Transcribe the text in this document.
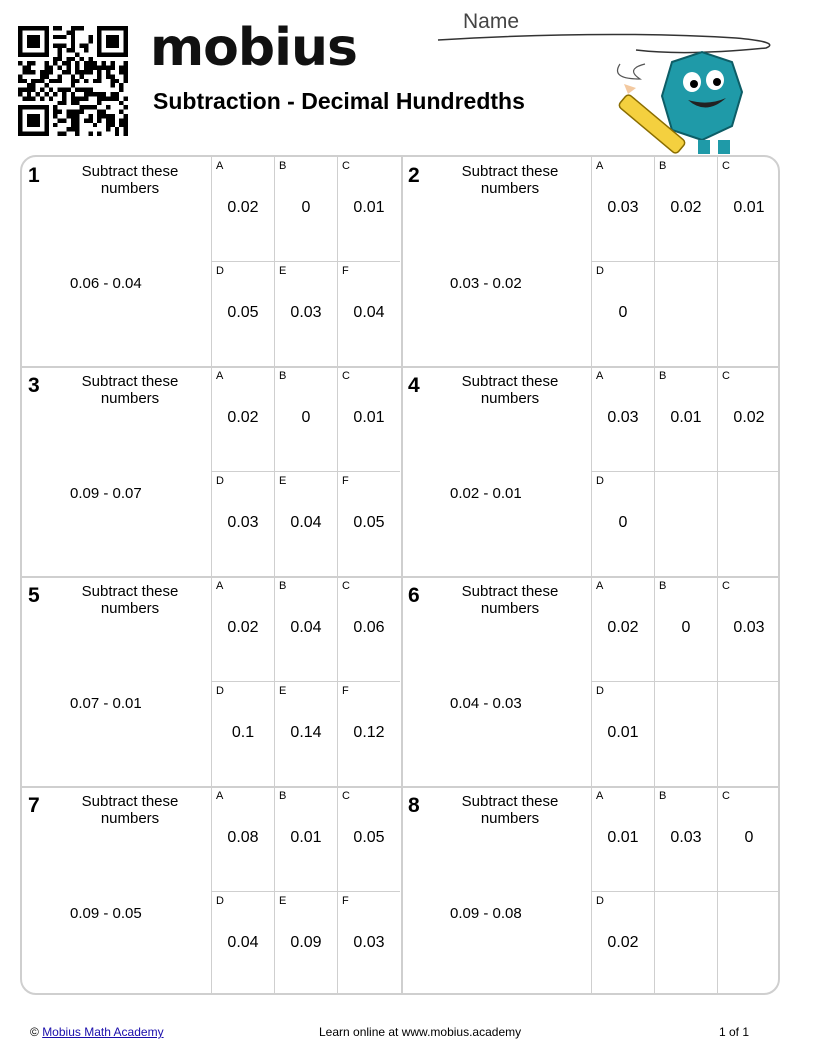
mobius
Subtraction - Decimal Hundredths
Name
1	Subtract these numbers
0.06 - 0.04
A
0.02
B
0
C
0.01
D
0.05
E
0.03
F
0.04
2	Subtract these numbers
0.03 - 0.02
A
0.03
B
0.02
C
0.01
D
0
3	Subtract these numbers
0.09 - 0.07
A
0.02
B
0
C
0.01
D
0.03
E
0.04
F
0.05
4	Subtract these numbers
0.02 - 0.01
A
0.03
B
0.01
C
0.02
D
0
5	Subtract these numbers
0.07 - 0.01
A
0.02
B
0.04
C
0.06
D
0.1
E
0.14
F
0.12
6	Subtract these numbers
0.04 - 0.03
A
0.02
B
0
C
0.03
D
0.01
7	Subtract these numbers
0.09 - 0.05
A
0.08
B
0.01
C
0.05
D
0.04
E
0.09
F
0.03
8	Subtract these numbers
0.09 - 0.08
A
0.01
B
0.03
C
0
D
0.02
© Mobius Math Academy	Learn online at www.mobius.academy	1 of 1
